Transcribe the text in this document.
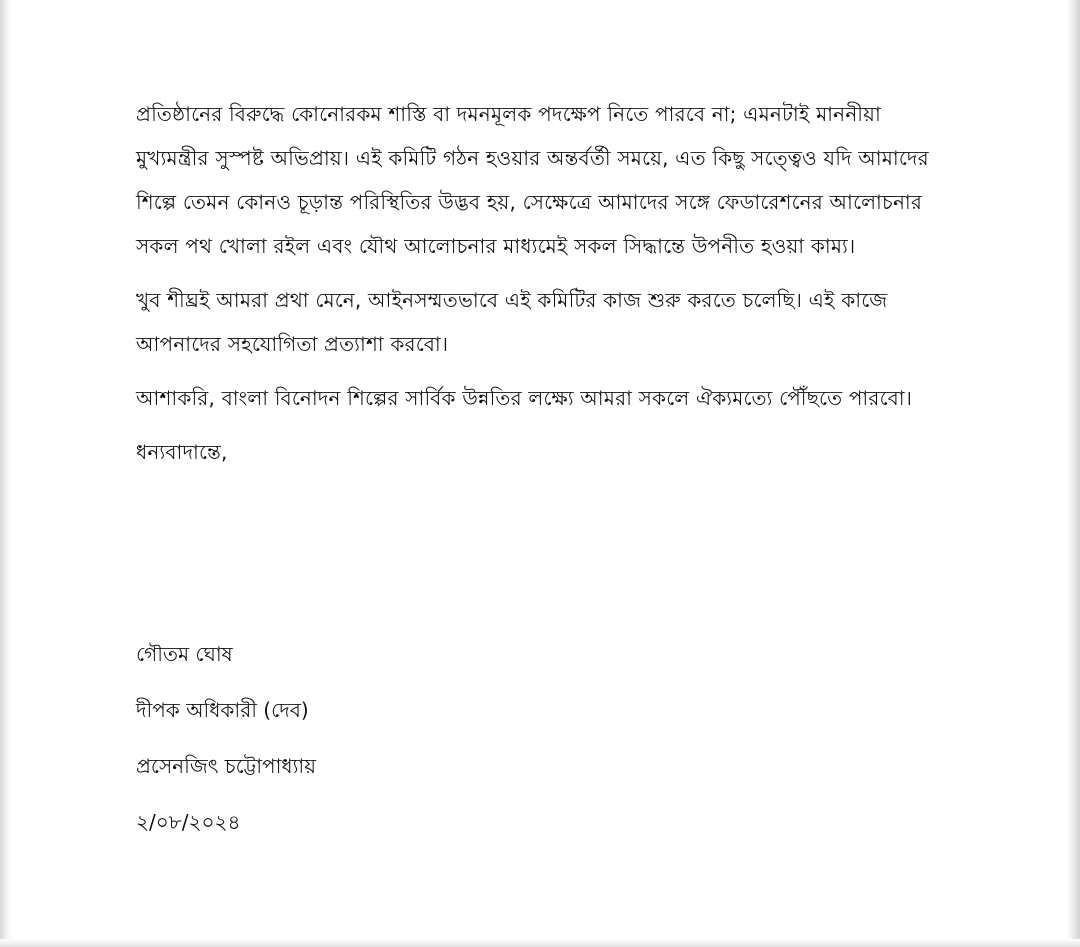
প্রতিষ্ঠানের বিরুদ্ধে কোনোরকম শাস্তি বা দমনমূলক পদক্ষেপ নিতে পারবে না; এমনটাই মাননীয়া মুখ্যমন্ত্রীর সুস্পষ্ট অভিপ্রায়। এই কমিটি গঠন হওয়ার অন্তর্বর্তী সময়ে, এত কিছু সত্ত্বেও যদি আমাদের শিল্পে তেমন কোনও চূড়ান্ত পরিস্থিতির উদ্ভব হয়, সেক্ষেত্রে আমাদের সঙ্গে ফেডারেশনের আলোচনার সকল পথ খোলা রইল এবং যৌথ আলোচনার মাধ্যমেই সকল সিদ্ধান্তে উপনীত হওয়া কাম্য।

খুব শীঘ্রই আমরা প্রথা মেনে, আইনসম্মতভাবে এই কমিটির কাজ শুরু করতে চলেছি। এই কাজে আপনাদের সহযোগিতা প্রত্যাশা করবো।

আশাকরি, বাংলা বিনোদন শিল্পের সার্বিক উন্নতির লক্ষ্যে আমরা সকলে ঐক্যমত্যে পৌঁছতে পারবো।

ধন্যবাদান্তে,

গৌতম ঘোষ
দীপক অধিকারী (দেব)
প্রসেনজিৎ চট্টোপাধ্যায়
২/০৮/২০২৪
